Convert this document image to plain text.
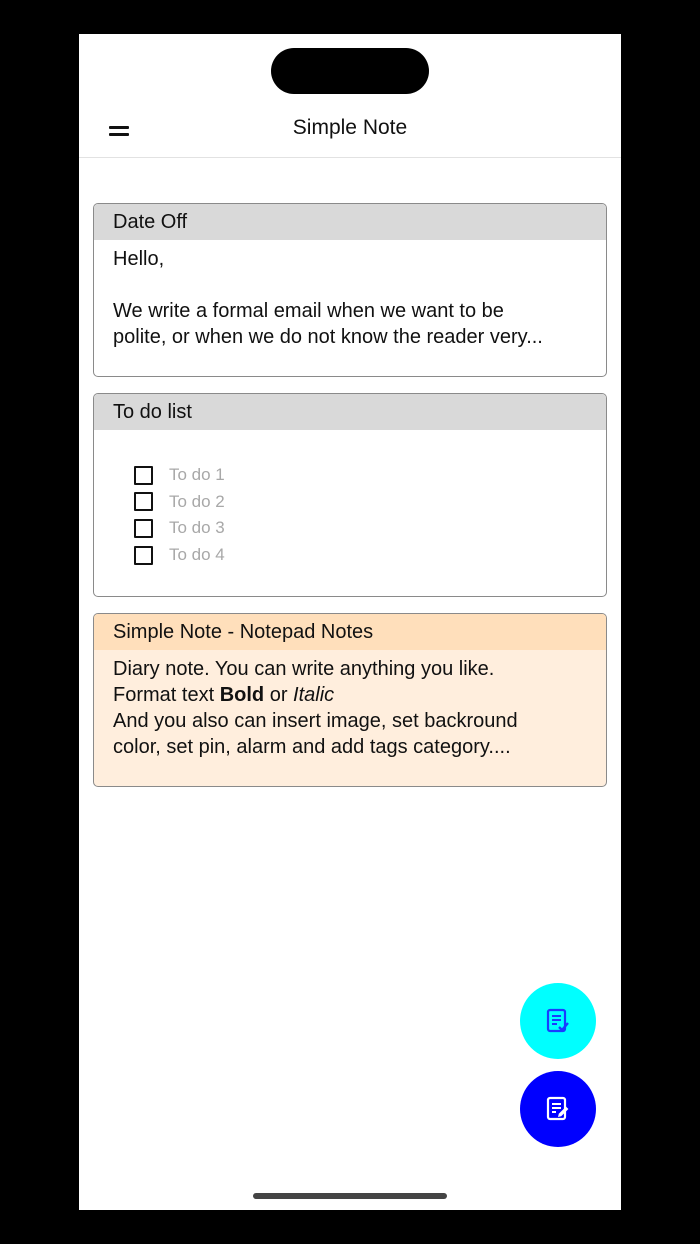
Simple Note
Date Off
Hello,
We write a formal email when we want to be
polite, or when we do not know the reader very...
To do list
To do 1
To do 2
To do 3
To do 4
Simple Note - Notepad Notes
Diary note. You can write anything you like.
Format text Bold or Italic
And you also can insert image, set backround
color, set pin, alarm and add tags category....
